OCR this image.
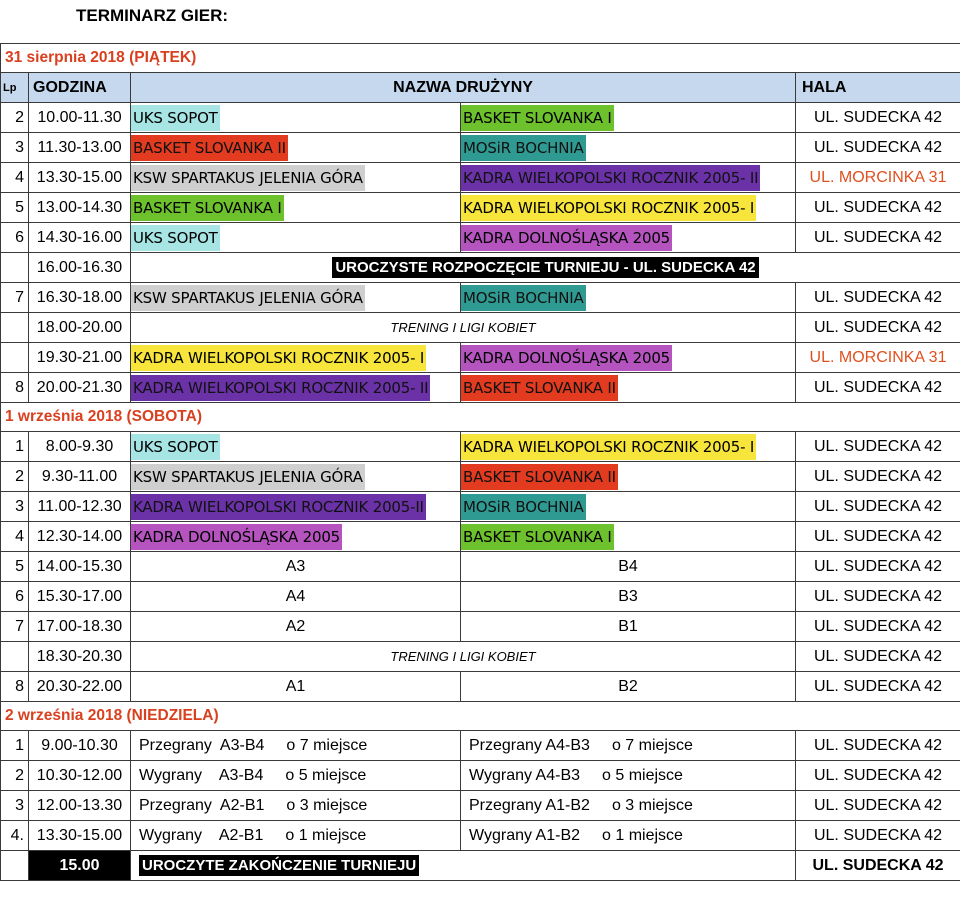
TERMINARZ GIER:
31 sierpnia 2018 (PIĄTEK)				
Lp	GODZINA	NAZWA DRUŻYNY		HALA
2	10.00-11.30	UKS SOPOT	BASKET SLOVANKA I	UL. SUDECKA 42
3	11.30-13.00	BASKET SLOVANKA II	MOSiR BOCHNIA	UL. SUDECKA 42
4	13.30-15.00	KSW SPARTAKUS JELENIA GÓRA	KADRA WIELKOPOLSKI ROCZNIK 2005- II	UL. MORCINKA 31
5	13.00-14.30	BASKET SLOVANKA I	KADRA WIELKOPOLSKI ROCZNIK 2005- I	UL. SUDECKA 42
6	14.30-16.00	UKS SOPOT	KADRA DOLNOŚLĄSKA 2005	UL. SUDECKA 42
	16.00-16.30	UROCZYSTE ROZPOCZĘCIE TURNIEJU - UL. SUDECKA 42		
7	16.30-18.00	KSW SPARTAKUS JELENIA GÓRA	MOSiR BOCHNIA	UL. SUDECKA 42
	18.00-20.00	TRENING I LIGI KOBIET		UL. SUDECKA 42
	19.30-21.00	KADRA WIELKOPOLSKI ROCZNIK 2005- I	KADRA DOLNOŚLĄSKA 2005	UL. MORCINKA 31
8	20.00-21.30	KADRA WIELKOPOLSKI ROCZNIK 2005- II	BASKET SLOVANKA II	UL. SUDECKA 42
1 września 2018 (SOBOTA)				
1	8.00-9.30	UKS SOPOT	KADRA WIELKOPOLSKI ROCZNIK 2005- I	UL. SUDECKA 42
2	9.30-11.00	KSW SPARTAKUS JELENIA GÓRA	BASKET SLOVANKA II	UL. SUDECKA 42
3	11.00-12.30	KADRA WIELKOPOLSKI ROCZNIK 2005-II	MOSiR BOCHNIA	UL. SUDECKA 42
4	12.30-14.00	KADRA DOLNOŚLĄSKA 2005	BASKET SLOVANKA I	UL. SUDECKA 42
5	14.00-15.30	A3	B4	UL. SUDECKA 42
6	15.30-17.00	A4	B3	UL. SUDECKA 42
7	17.00-18.30	A2	B1	UL. SUDECKA 42
	18.30-20.30	TRENING I LIGI KOBIET		UL. SUDECKA 42
8	20.30-22.00	A1	B2	UL. SUDECKA 42
2 września 2018 (NIEDZIELA)				
1	9.00-10.30	Przegrany  A3-B4 o 7 miejsce	Przegrany A4-B3 o 7 miejsce	UL. SUDECKA 42
2	10.30-12.00	Wygrany    A3-B4 o 5 miejsce	Wygrany A4-B3 o 5 miejsce	UL. SUDECKA 42
3	12.00-13.30	Przegrany  A2-B1 o 3 miejsce	Przegrany A1-B2 o 3 miejsce	UL. SUDECKA 42
4.	13.30-15.00	Wygrany    A2-B1 o 1 miejsce	Wygrany A1-B2 o 1 miejsce	UL. SUDECKA 42
	15.00	UROCZYTE ZAKOŃCZENIE TURNIEJU		UL. SUDECKA 42
